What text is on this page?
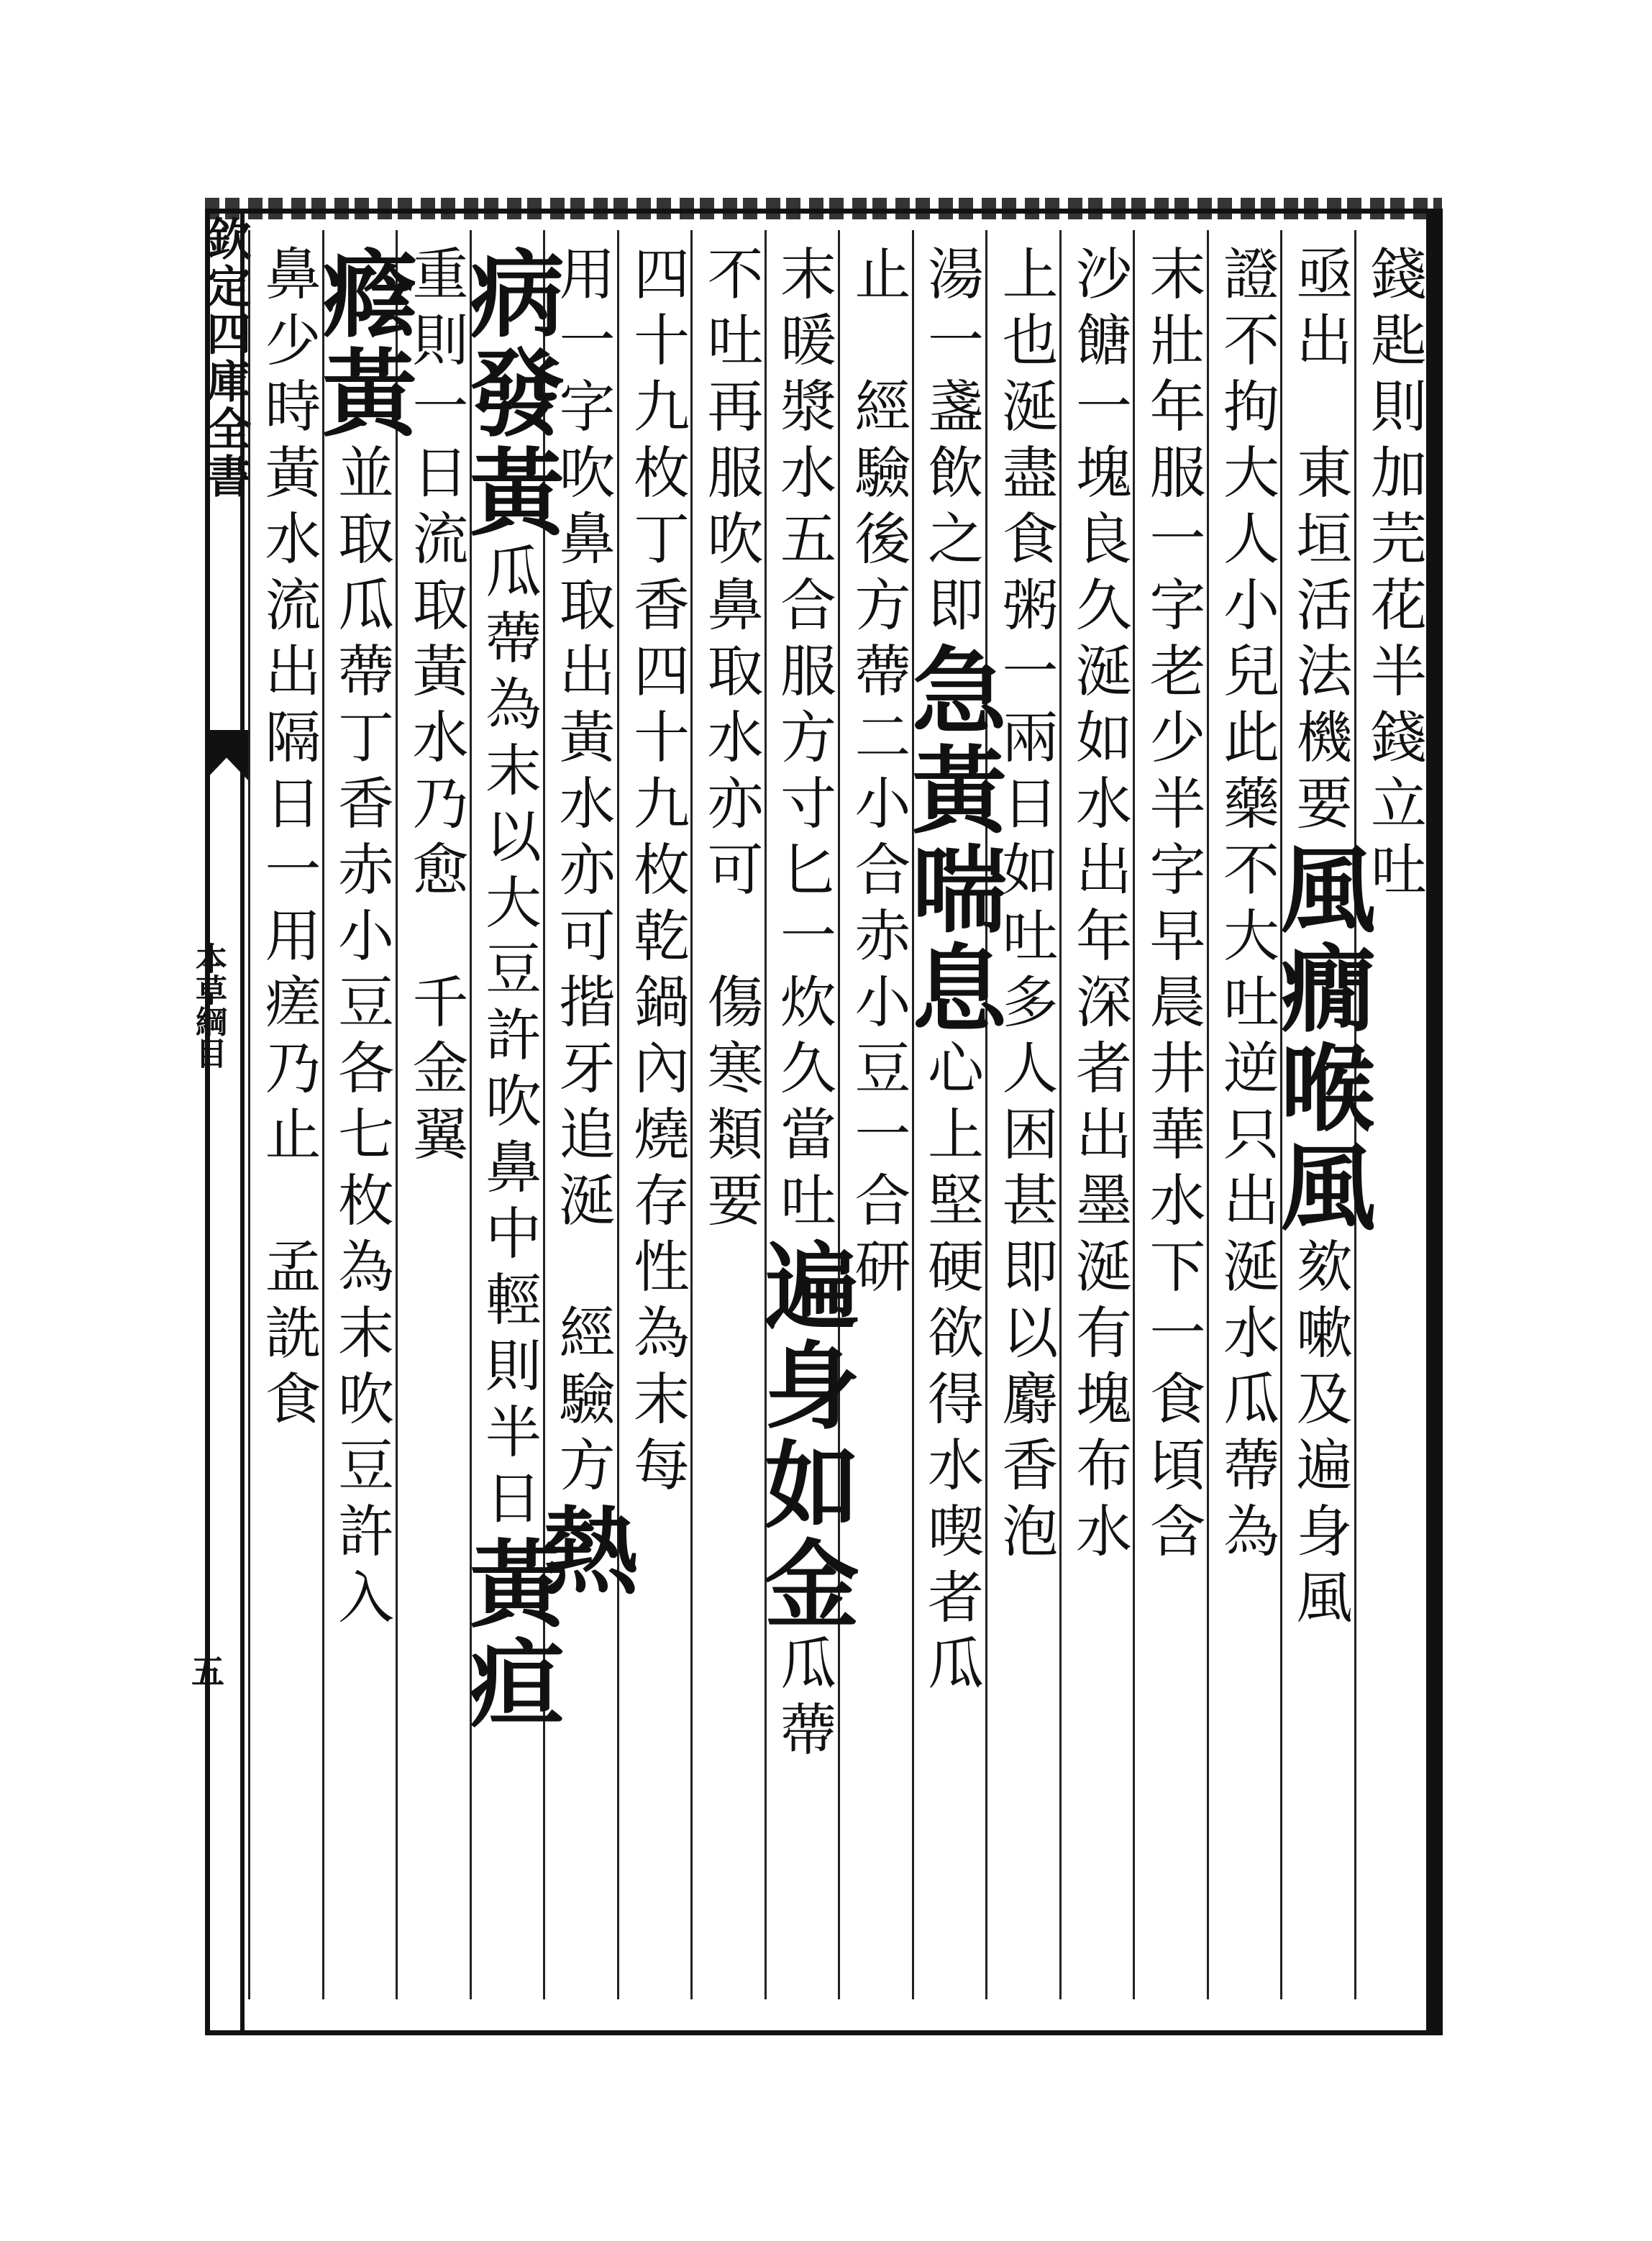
欽定四庫全書
本草綱目
五
錢匙則加芫花半錢立吐
亟出　東垣活法機要風癇喉風欬嗽及遍身風
證不拘大人小兒此藥不大吐逆只出涎水瓜蔕為
末壯年服一字老少半字早晨井華水下一食頃含
沙餹一塊良久涎如水出年深者出墨涎有塊布水
上也涎盡食粥一兩日如吐多人困甚即以麝香泡
湯一盞飲之即急黃喘息心上堅硬欲得水喫者瓜
止　經驗後方蔕二小合赤小豆一合研
末暖漿水五合服方寸匕一炊久當吐遍身如金瓜蔕
不吐再服吹鼻取水亦可　傷寒類要
四十九枚丁香四十九枚乾鍋內燒存性為末每
用一字吹鼻取出黃水亦可揩牙追涎　經驗方熱
病發黃瓜蔕為末以大豆許吹鼻中輕則半日黃疸
重則一日流取黃水乃愈　千金翼
癊黃並取瓜蔕丁香赤小豆各七枚為末吹豆許入
鼻少時黃水流出隔日一用瘥乃止　孟詵食
